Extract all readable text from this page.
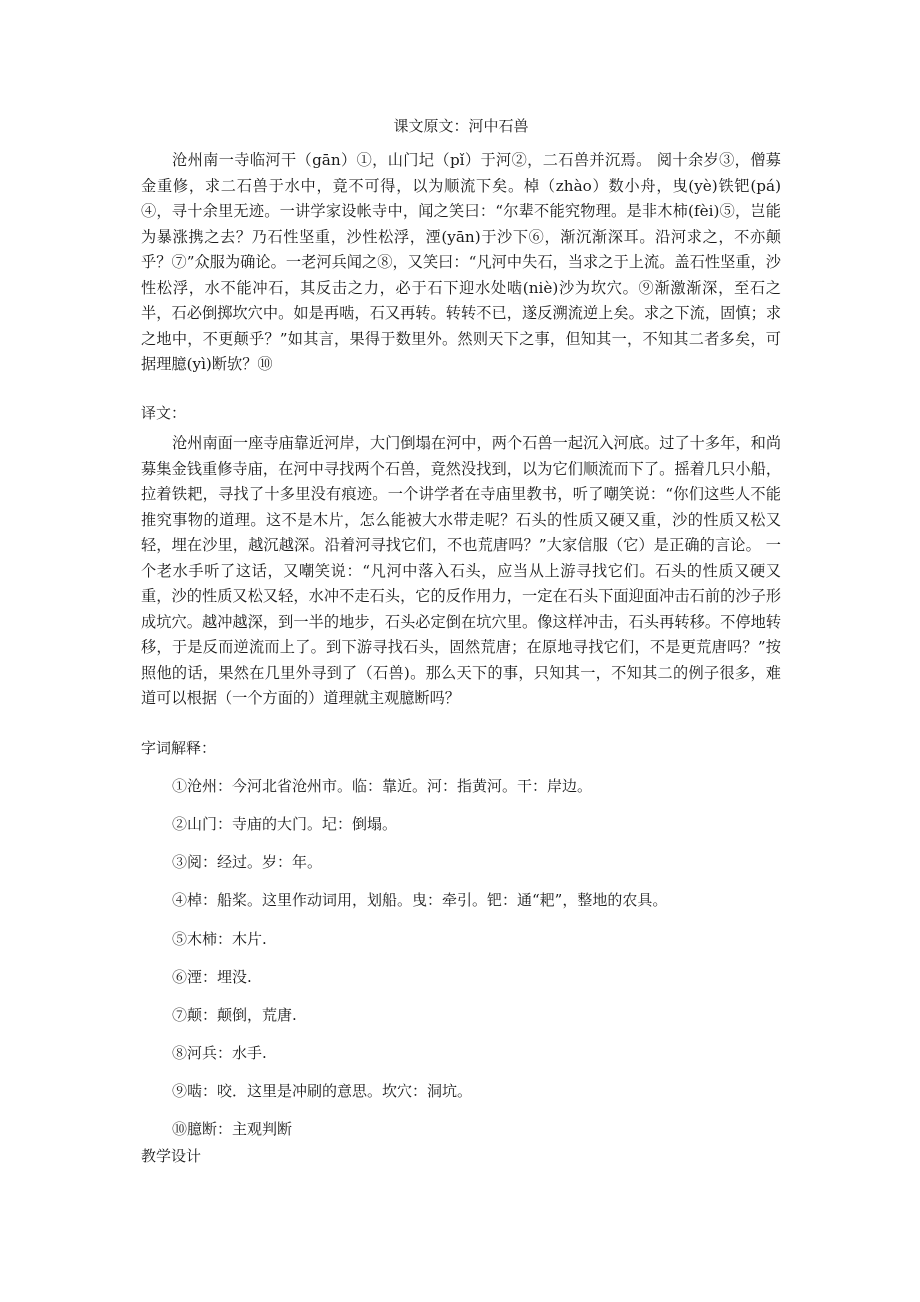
课文原文：河中石兽
沧州南一寺临河干（gān）①，山门圮（pǐ）于河②，二石兽并沉焉。 阅十余岁③，僧募金重修，求二石兽于水中，竟不可得，以为顺流下矣。棹（zhào）数小舟，曳(yè)铁钯(pá)④，寻十余里无迹。一讲学家设帐寺中，闻之笑曰：“尔辈不能究物理。是非木柿(fèi)⑤，岂能为暴涨携之去？乃石性坚重，沙性松浮，湮(yān)于沙下⑥，渐沉渐深耳。沿河求之，不亦颠乎？⑦”众服为确论。一老河兵闻之⑧，又笑曰：“凡河中失石，当求之于上流。盖石性坚重，沙性松浮，水不能冲石，其反击之力，必于石下迎水处啮(niè)沙为坎穴。⑨渐激渐深，至石之半，石必倒掷坎穴中。如是再啮，石又再转。转转不已，遂反溯流逆上矣。求之下流，固慎；求之地中，不更颠乎？”如其言，果得于数里外。然则天下之事，但知其一，不知其二者多矣，可据理臆(yì)断欤？⑩
译文：
沧州南面一座寺庙靠近河岸，大门倒塌在河中，两个石兽一起沉入河底。过了十多年，和尚募集金钱重修寺庙，在河中寻找两个石兽，竟然没找到，以为它们顺流而下了。摇着几只小船，拉着铁耙，寻找了十多里没有痕迹。一个讲学者在寺庙里教书，听了嘲笑说：“你们这些人不能推究事物的道理。这不是木片，怎么能被大水带走呢？石头的性质又硬又重，沙的性质又松又轻，埋在沙里，越沉越深。沿着河寻找它们，不也荒唐吗？”大家信服（它）是正确的言论。 一个老水手听了这话，又嘲笑说：“凡河中落入石头，应当从上游寻找它们。石头的性质又硬又重，沙的性质又松又轻，水冲不走石头，它的反作用力，一定在石头下面迎面冲击石前的沙子形成坑穴。越冲越深，到一半的地步，石头必定倒在坑穴里。像这样冲击，石头再转移。不停地转移，于是反而逆流而上了。到下游寻找石头，固然荒唐；在原地寻找它们，不是更荒唐吗？”按照他的话，果然在几里外寻到了（石兽)。那么天下的事，只知其一，不知其二的例子很多，难道可以根据（一个方面的）道理就主观臆断吗？
字词解释：
①沧州：今河北省沧州市。临：靠近。河：指黄河。干：岸边。
②山门：寺庙的大门。圮：倒塌。
③阅：经过。岁：年。
④棹：船桨。这里作动词用，划船。曳：牵引。钯：通“耙”，整地的农具。
⑤木柿：木片.
⑥湮：埋没.
⑦颠：颠倒，荒唐.
⑧河兵：水手.
⑨啮：咬．这里是冲刷的意思。坎穴：洞坑。
⑩臆断：主观判断
教学设计
